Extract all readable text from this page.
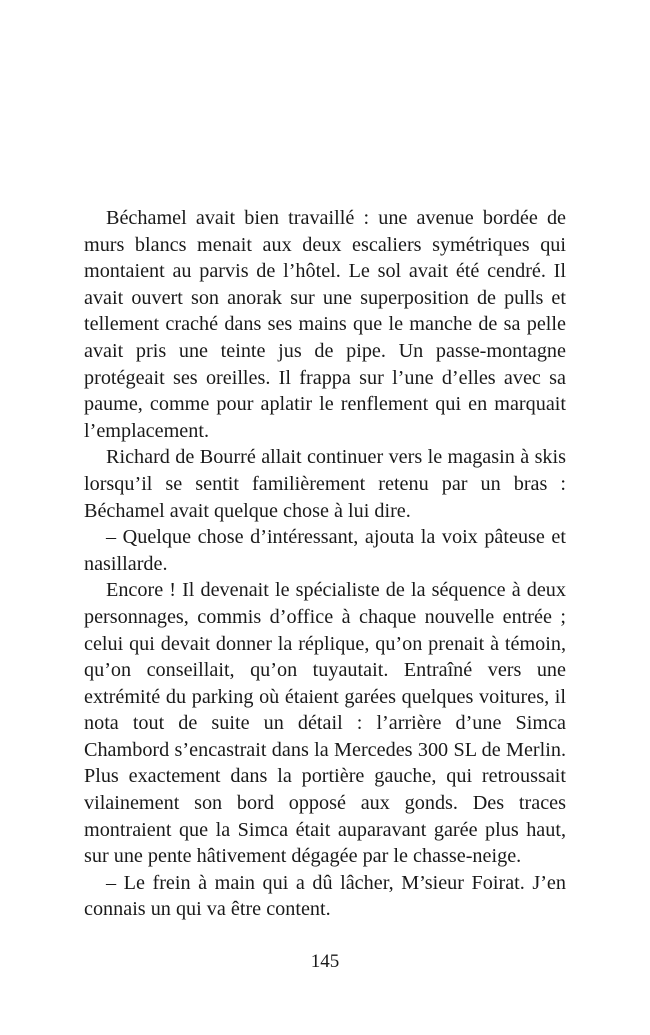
Béchamel avait bien travaillé : une avenue bordée de murs blancs menait aux deux escaliers symétriques qui montaient au parvis de l’hôtel. Le sol avait été cendré. Il avait ouvert son anorak sur une superposition de pulls et tellement craché dans ses mains que le manche de sa pelle avait pris une teinte jus de pipe. Un passe-montagne protégeait ses oreilles. Il frappa sur l’une d’elles avec sa paume, comme pour aplatir le renflement qui en marquait l’emplacement.

Richard de Bourré allait continuer vers le magasin à skis lorsqu’il se sentit familièrement retenu par un bras : Béchamel avait quelque chose à lui dire.

– Quelque chose d’intéressant, ajouta la voix pâteuse et nasillarde.

Encore ! Il devenait le spécialiste de la séquence à deux personnages, commis d’office à chaque nouvelle entrée ; celui qui devait donner la réplique, qu’on prenait à témoin, qu’on conseillait, qu’on tuyautait. Entraîné vers une extrémité du parking où étaient garées quelques voitures, il nota tout de suite un détail : l’arrière d’une Simca Chambord s’encastrait dans la Mercedes 300 SL de Merlin. Plus exactement dans la portière gauche, qui retroussait vilainement son bord opposé aux gonds. Des traces montraient que la Simca était auparavant garée plus haut, sur une pente hâtivement dégagée par le chasse-neige.

– Le frein à main qui a dû lâcher, M’sieur Foirat. J’en connais un qui va être content.

145
